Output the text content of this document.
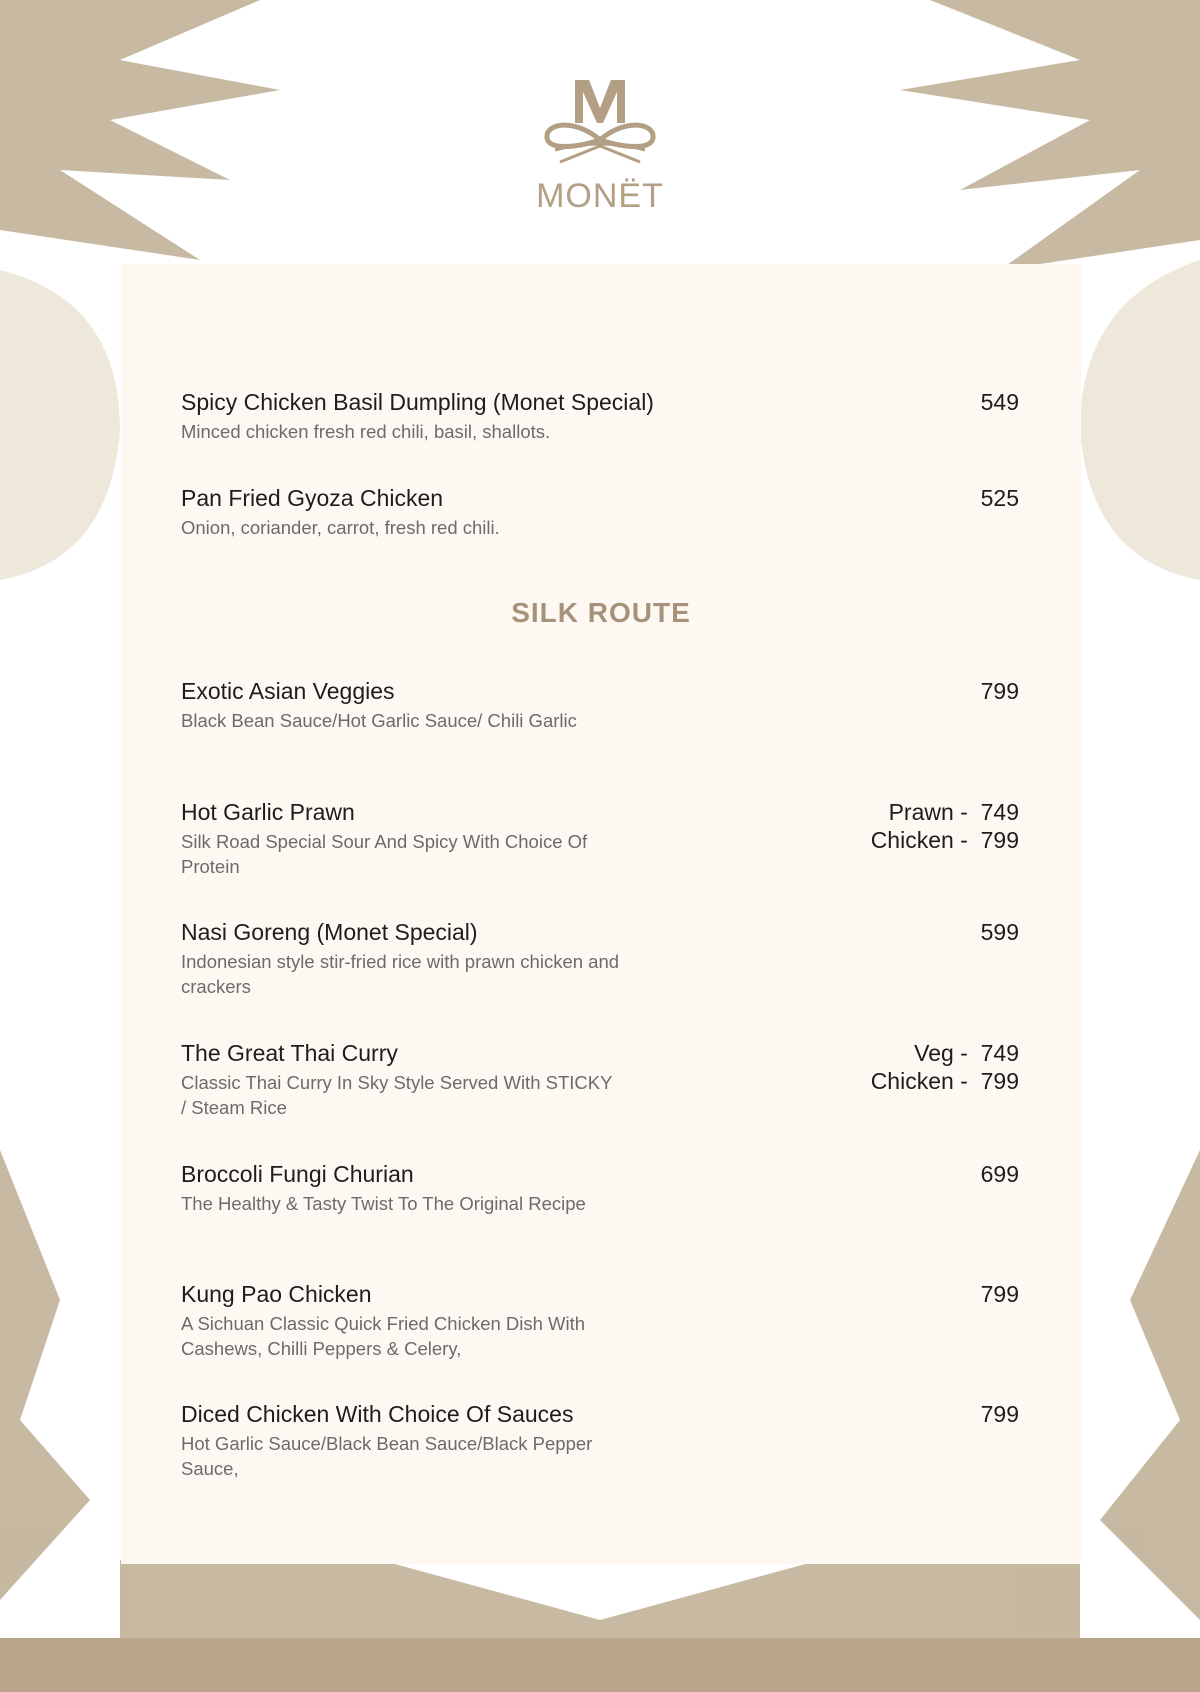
MONËT
Spicy Chicken Basil Dumpling (Monet Special)
Minced chicken fresh red chili, basil, shallots.
549
Pan Fried Gyoza Chicken
Onion, coriander, carrot, fresh red chili.
525
SILK ROUTE
Exotic Asian Veggies
Black Bean Sauce/Hot Garlic Sauce/ Chili Garlic
799
Hot Garlic Prawn
Silk Road Special Sour And Spicy With Choice Of Protein
Prawn -  749
Chicken -  799
Nasi Goreng (Monet Special)
Indonesian style stir-fried rice with prawn chicken and crackers
599
The Great Thai Curry
Classic Thai Curry In Sky Style Served With STICKY / Steam Rice
Veg -  749
Chicken -  799
Broccoli Fungi Churian
The Healthy & Tasty Twist To The Original Recipe
699
Kung Pao Chicken
A Sichuan Classic Quick Fried Chicken Dish With Cashews, Chilli Peppers & Celery,
799
Diced Chicken With Choice Of Sauces
Hot Garlic Sauce/Black Bean Sauce/Black Pepper Sauce,
799
